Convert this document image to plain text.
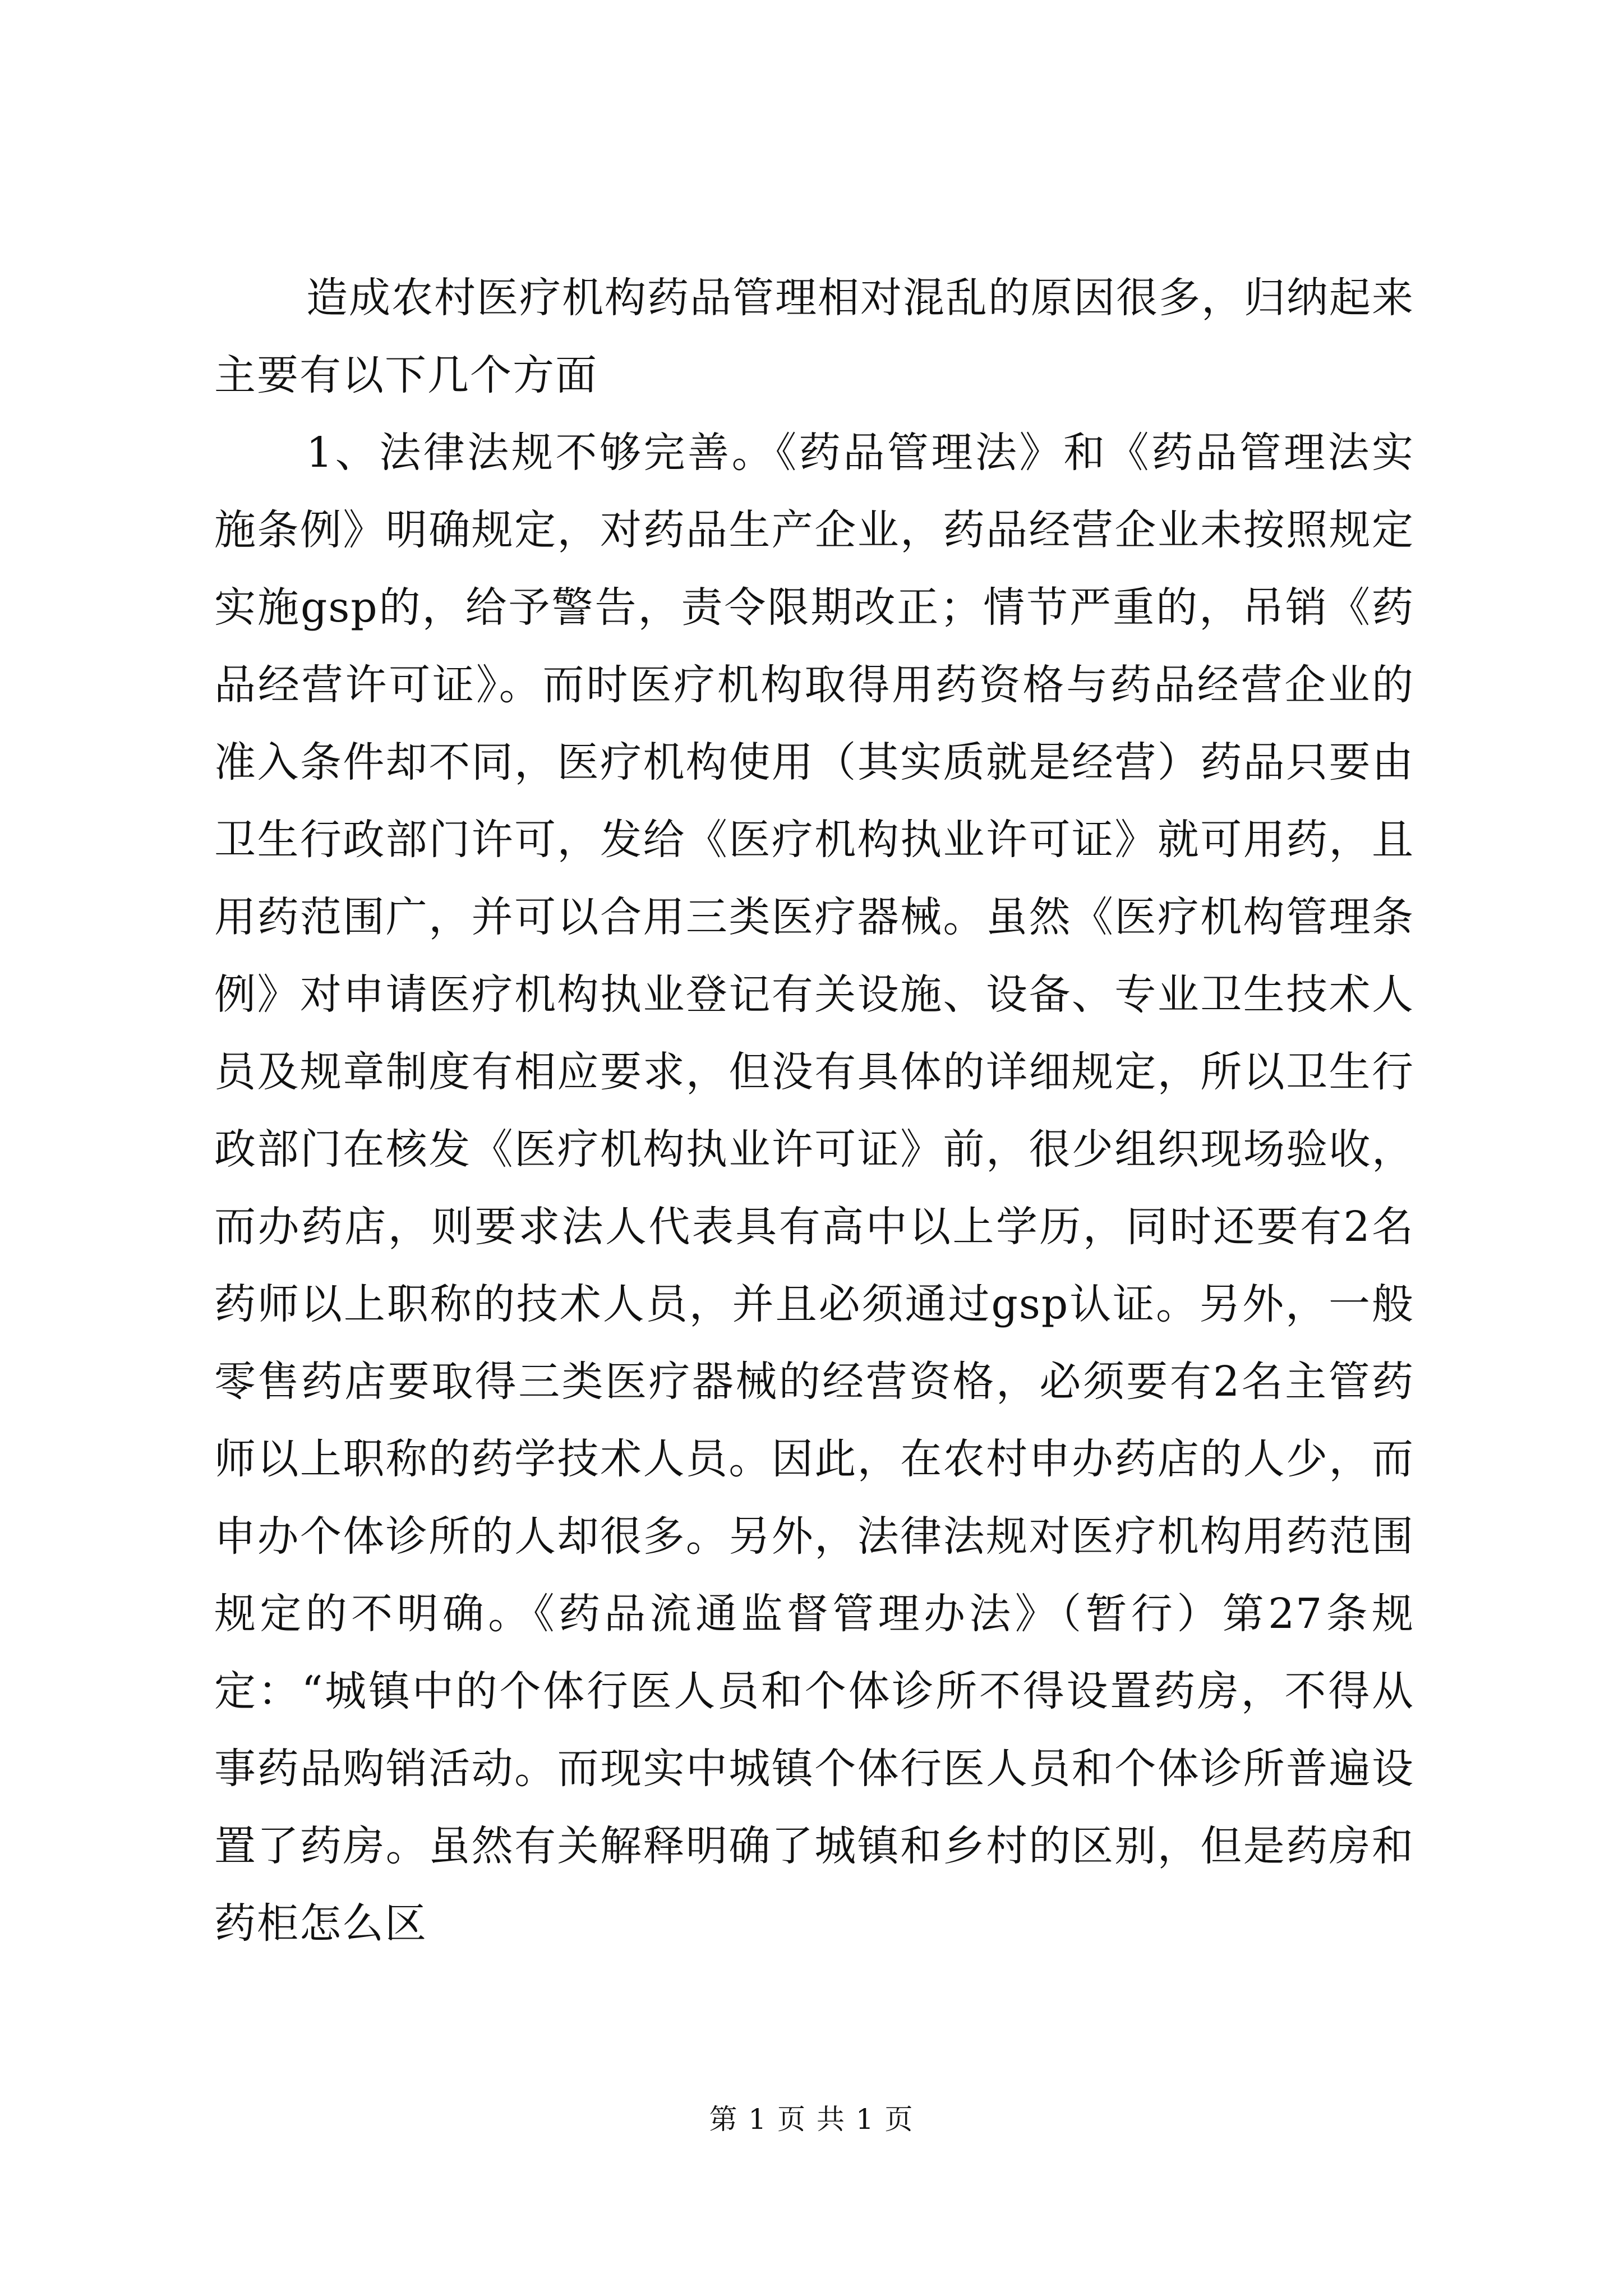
造成农村医疗机构药品管理相对混乱的原因很多，归纳起来主要有以下几个方面

1、法律法规不够完善。《药品管理法》和《药品管理法实施条例》明确规定，对药品生产企业，药品经营企业未按照规定实施gsp的，给予警告，责令限期改正；情节严重的，吊销《药品经营许可证》。而时医疗机构取得用药资格与药品经营企业的准入条件却不同，医疗机构使用（其实质就是经营）药品只要由卫生行政部门许可，发给《医疗机构执业许可证》就可用药，且用药范围广，并可以合用三类医疗器械。虽然《医疗机构管理条例》对申请医疗机构执业登记有关设施、设备、专业卫生技术人员及规章制度有相应要求，但没有具体的详细规定，所以卫生行政部门在核发《医疗机构执业许可证》前，很少组织现场验收，而办药店，则要求法人代表具有高中以上学历，同时还要有2名药师以上职称的技术人员，并且必须通过gsp认证。另外，一般零售药店要取得三类医疗器械的经营资格，必须要有2名主管药师以上职称的药学技术人员。因此，在农村申办药店的人少，而申办个体诊所的人却很多。另外，法律法规对医疗机构用药范围规定的不明确。《药品流通监督管理办法》（暂行）第27条规定：“城镇中的个体行医人员和个体诊所不得设置药房，不得从事药品购销活动。而现实中城镇个体行医人员和个体诊所普遍设置了药房。虽然有关解释明确了城镇和乡村的区别，但是药房和药柜怎么区

第 1 页 共 1 页
